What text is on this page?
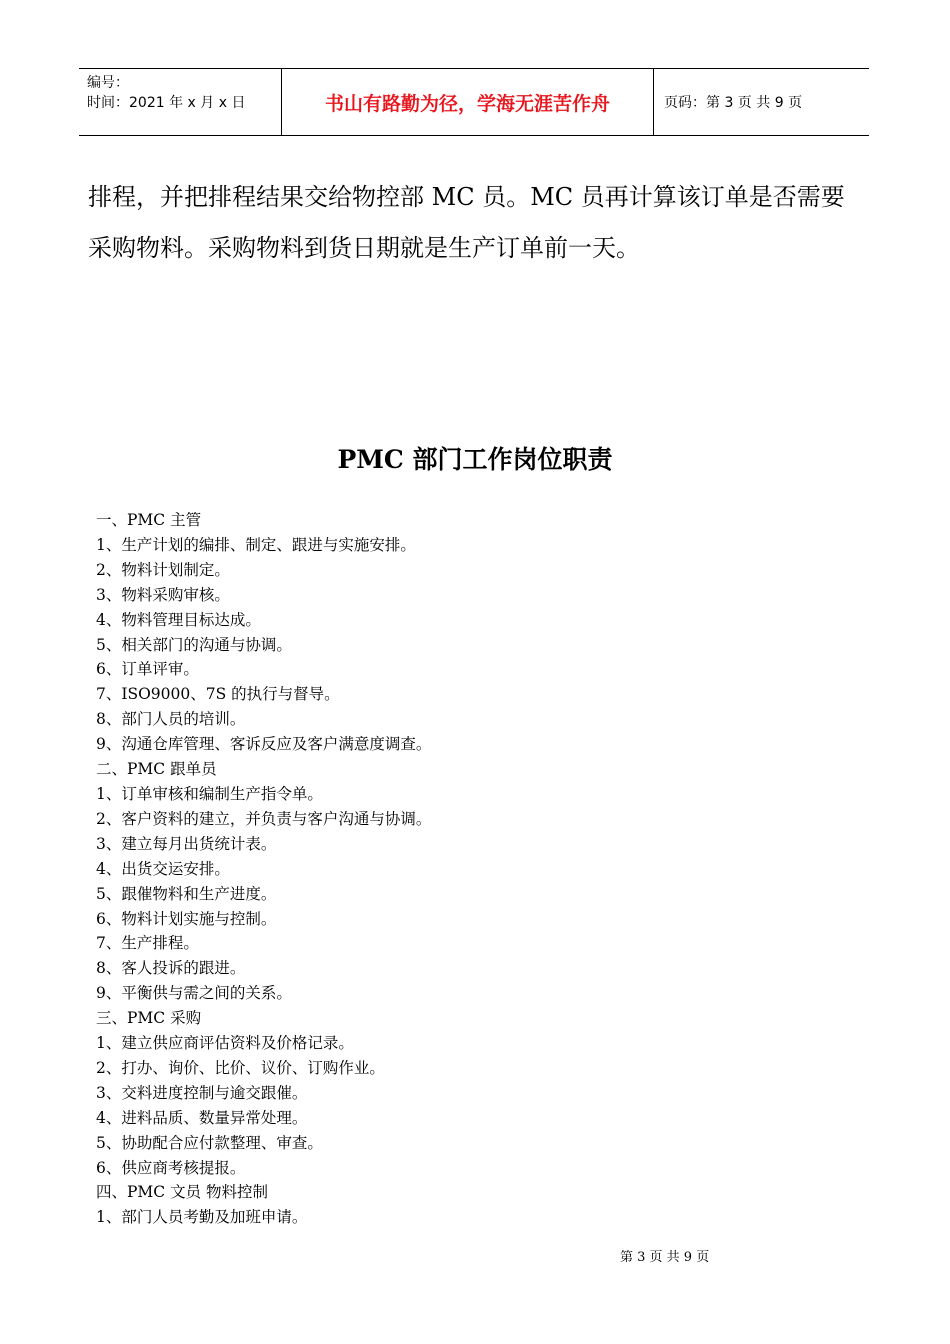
编号：
时间：2021 年 x 月 x 日	书山有路勤为径，学海无涯苦作舟	页码：第 3 页 共 9 页

排程，并把排程结果交给物控部 MC 员。MC 员再计算该订单是否需要

采购物料。采购物料到货日期就是生产订单前一天。

PMC 部门工作岗位职责
一、PMC 主管
1、生产计划的编排、制定、跟进与实施安排。
2、物料计划制定。
3、物料采购审核。
4、物料管理目标达成。
5、相关部门的沟通与协调。
6、订单评审。
7、ISO9000、7S 的执行与督导。
8、部门人员的培训。
9、沟通仓库管理、客诉反应及客户满意度调查。
二、PMC 跟单员
1、订单审核和编制生产指令单。
2、客户资料的建立，并负责与客户沟通与协调。
3、建立每月出货统计表。
4、出货交运安排。
5、跟催物料和生产进度。
6、物料计划实施与控制。
7、生产排程。
8、客人投诉的跟进。
9、平衡供与需之间的关系。
三、PMC 采购
1、建立供应商评估资料及价格记录。
2、打办、询价、比价、议价、订购作业。
3、交料进度控制与逾交跟催。
4、进料品质、数量异常处理。
5、协助配合应付款整理、审查。
6、供应商考核提报。
四、PMC 文员 物料控制
1、部门人员考勤及加班申请。
第 3 页 共 9 页
